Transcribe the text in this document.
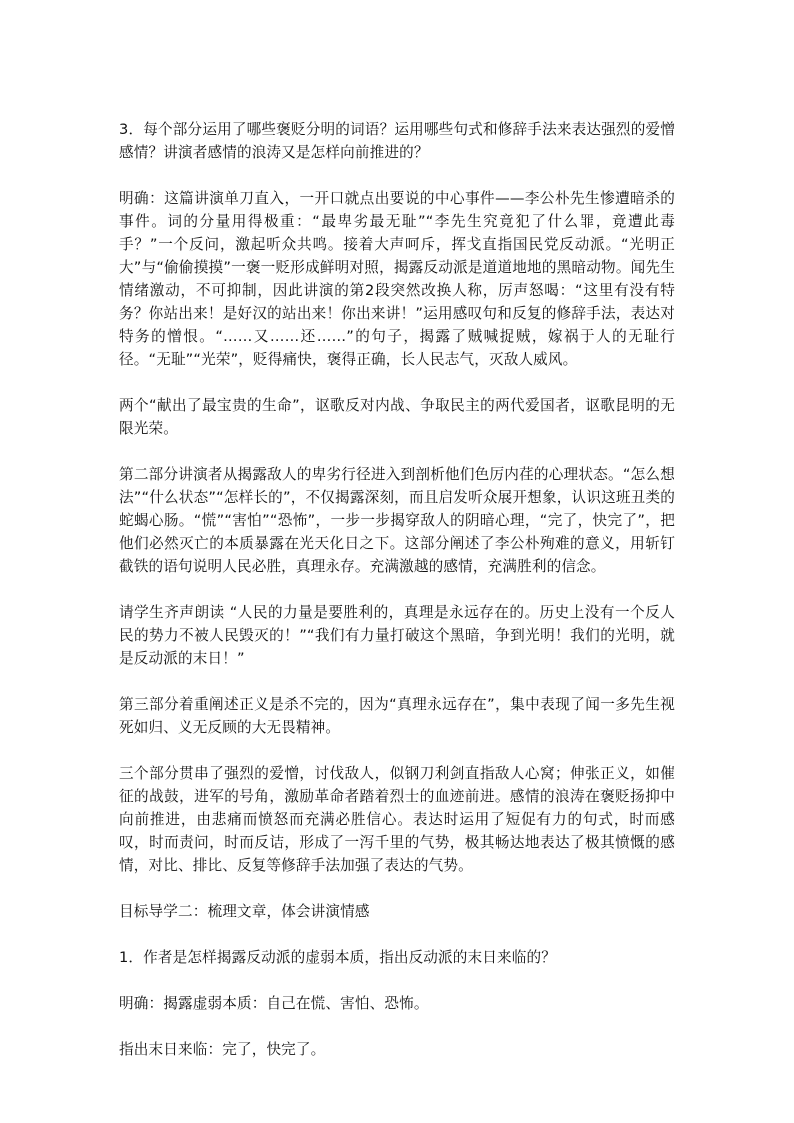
3．每个部分运用了哪些褒贬分明的词语？运用哪些句式和修辞手法来表达强烈的爱憎感情？讲演者感情的浪涛又是怎样向前推进的？

明确：这篇讲演单刀直入，一开口就点出要说的中心事件——李公朴先生惨遭暗杀的事件。词的分量用得极重：“最卑劣最无耻”“李先生究竟犯了什么罪，竟遭此毒手？”一个反问，激起听众共鸣。接着大声呵斥，挥戈直指国民党反动派。“光明正大”与“偷偷摸摸”一褒一贬形成鲜明对照，揭露反动派是道道地地的黑暗动物。闻先生情绪激动，不可抑制，因此讲演的第2段突然改换人称，厉声怒喝：“这里有没有特务？你站出来！是好汉的站出来！你出来讲！”运用感叹句和反复的修辞手法，表达对特务的憎恨。“……又……还……”的句子，揭露了贼喊捉贼，嫁祸于人的无耻行径。“无耻”“光荣”，贬得痛快，褒得正确，长人民志气，灭敌人威风。

两个“献出了最宝贵的生命”，讴歌反对内战、争取民主的两代爱国者，讴歌昆明的无限光荣。

第二部分讲演者从揭露敌人的卑劣行径进入到剖析他们色厉内荏的心理状态。“怎么想法”“什么状态”“怎样长的”，不仅揭露深刻，而且启发听众展开想象，认识这班丑类的蛇蝎心肠。“慌”“害怕”“恐怖”，一步一步揭穿敌人的阴暗心理，“完了，快完了”，把他们必然灭亡的本质暴露在光天化日之下。这部分阐述了李公朴殉难的意义，用斩钉截铁的语句说明人民必胜，真理永存。充满激越的感情，充满胜利的信念。

请学生齐声朗读 “人民的力量是要胜利的，真理是永远存在的。历史上没有一个反人民的势力不被人民毁灭的！”“我们有力量打破这个黑暗，争到光明！我们的光明，就是反动派的末日！”

第三部分着重阐述正义是杀不完的，因为“真理永远存在”，集中表现了闻一多先生视死如归、义无反顾的大无畏精神。

三个部分贯串了强烈的爱憎，讨伐敌人，似钢刀利剑直指敌人心窝；伸张正义，如催征的战鼓，进军的号角，激励革命者踏着烈士的血迹前进。感情的浪涛在褒贬扬抑中向前推进，由悲痛而愤怒而充满必胜信心。表达时运用了短促有力的句式，时而感叹，时而责问，时而反诘，形成了一泻千里的气势，极其畅达地表达了极其愤慨的感情，对比、排比、反复等修辞手法加强了表达的气势。

目标导学二：梳理文章，体会讲演情感

1．作者是怎样揭露反动派的虚弱本质，指出反动派的末日来临的？

明确：揭露虚弱本质：自己在慌、害怕、恐怖。

指出末日来临：完了，快完了。
